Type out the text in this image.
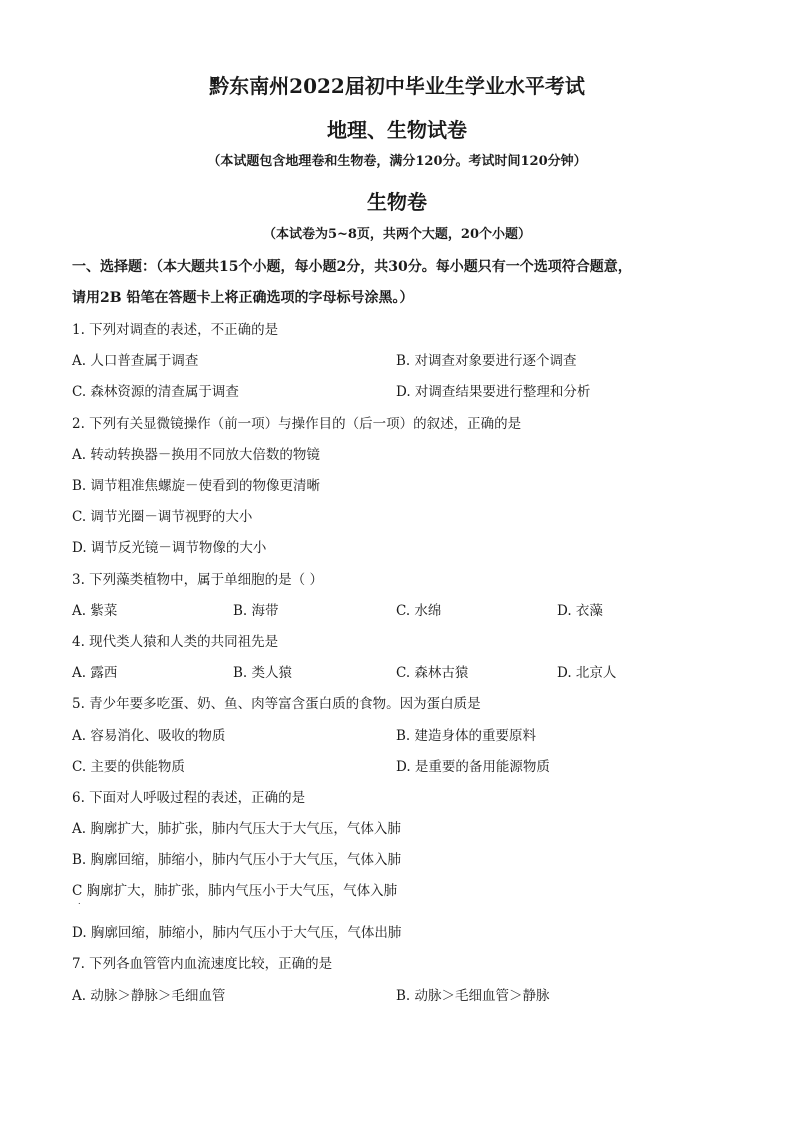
黔东南州2022届初中毕业生学业水平考试
地理、生物试卷
（本试题包含地理卷和生物卷，满分120分。考试时间120分钟）
生物卷
（本试卷为5~8页，共两个大题，20个小题）
一、选择题：（本大题共15个小题，每小题2分，共30分。每小题只有一个选项符合题意，
请用2B 铅笔在答题卡上将正确选项的字母标号涂黑。）
1. 下列对调查的表述，不正确的是
A. 人口普查属于调查	B. 对调查对象要进行逐个调查
C. 森林资源的清查属于调查	D. 对调查结果要进行整理和分析
2. 下列有关显微镜操作（前一项）与操作目的（后一项）的叙述，正确的是
A. 转动转换器－换用不同放大倍数的物镜
B. 调节粗准焦螺旋－使看到的物像更清晰
C. 调节光圈－调节视野的大小
D. 调节反光镜－调节物像的大小
3. 下列藻类植物中，属于单细胞的是（ ）
A. 紫菜	B. 海带	C. 水绵	D. 衣藻
4. 现代类人猿和人类的共同祖先是
A. 露西	B. 类人猿	C. 森林古猿	D. 北京人
5. 青少年要多吃蛋、奶、鱼、肉等富含蛋白质的食物。因为蛋白质是
A. 容易消化、吸收的物质	B. 建造身体的重要原料
C. 主要的供能物质	D. 是重要的备用能源物质
6. 下面对人呼吸过程的表述，正确的是
A. 胸廓扩大，肺扩张，肺内气压大于大气压，气体入肺
B. 胸廓回缩，肺缩小，肺内气压小于大气压，气体入肺
C 胸廓扩大，肺扩张，肺内气压小于大气压，气体入肺
.
D. 胸廓回缩，肺缩小，肺内气压小于大气压，气体出肺
7. 下列各血管管内血流速度比较，正确的是
A. 动脉＞静脉＞毛细血管	B. 动脉＞毛细血管＞静脉
